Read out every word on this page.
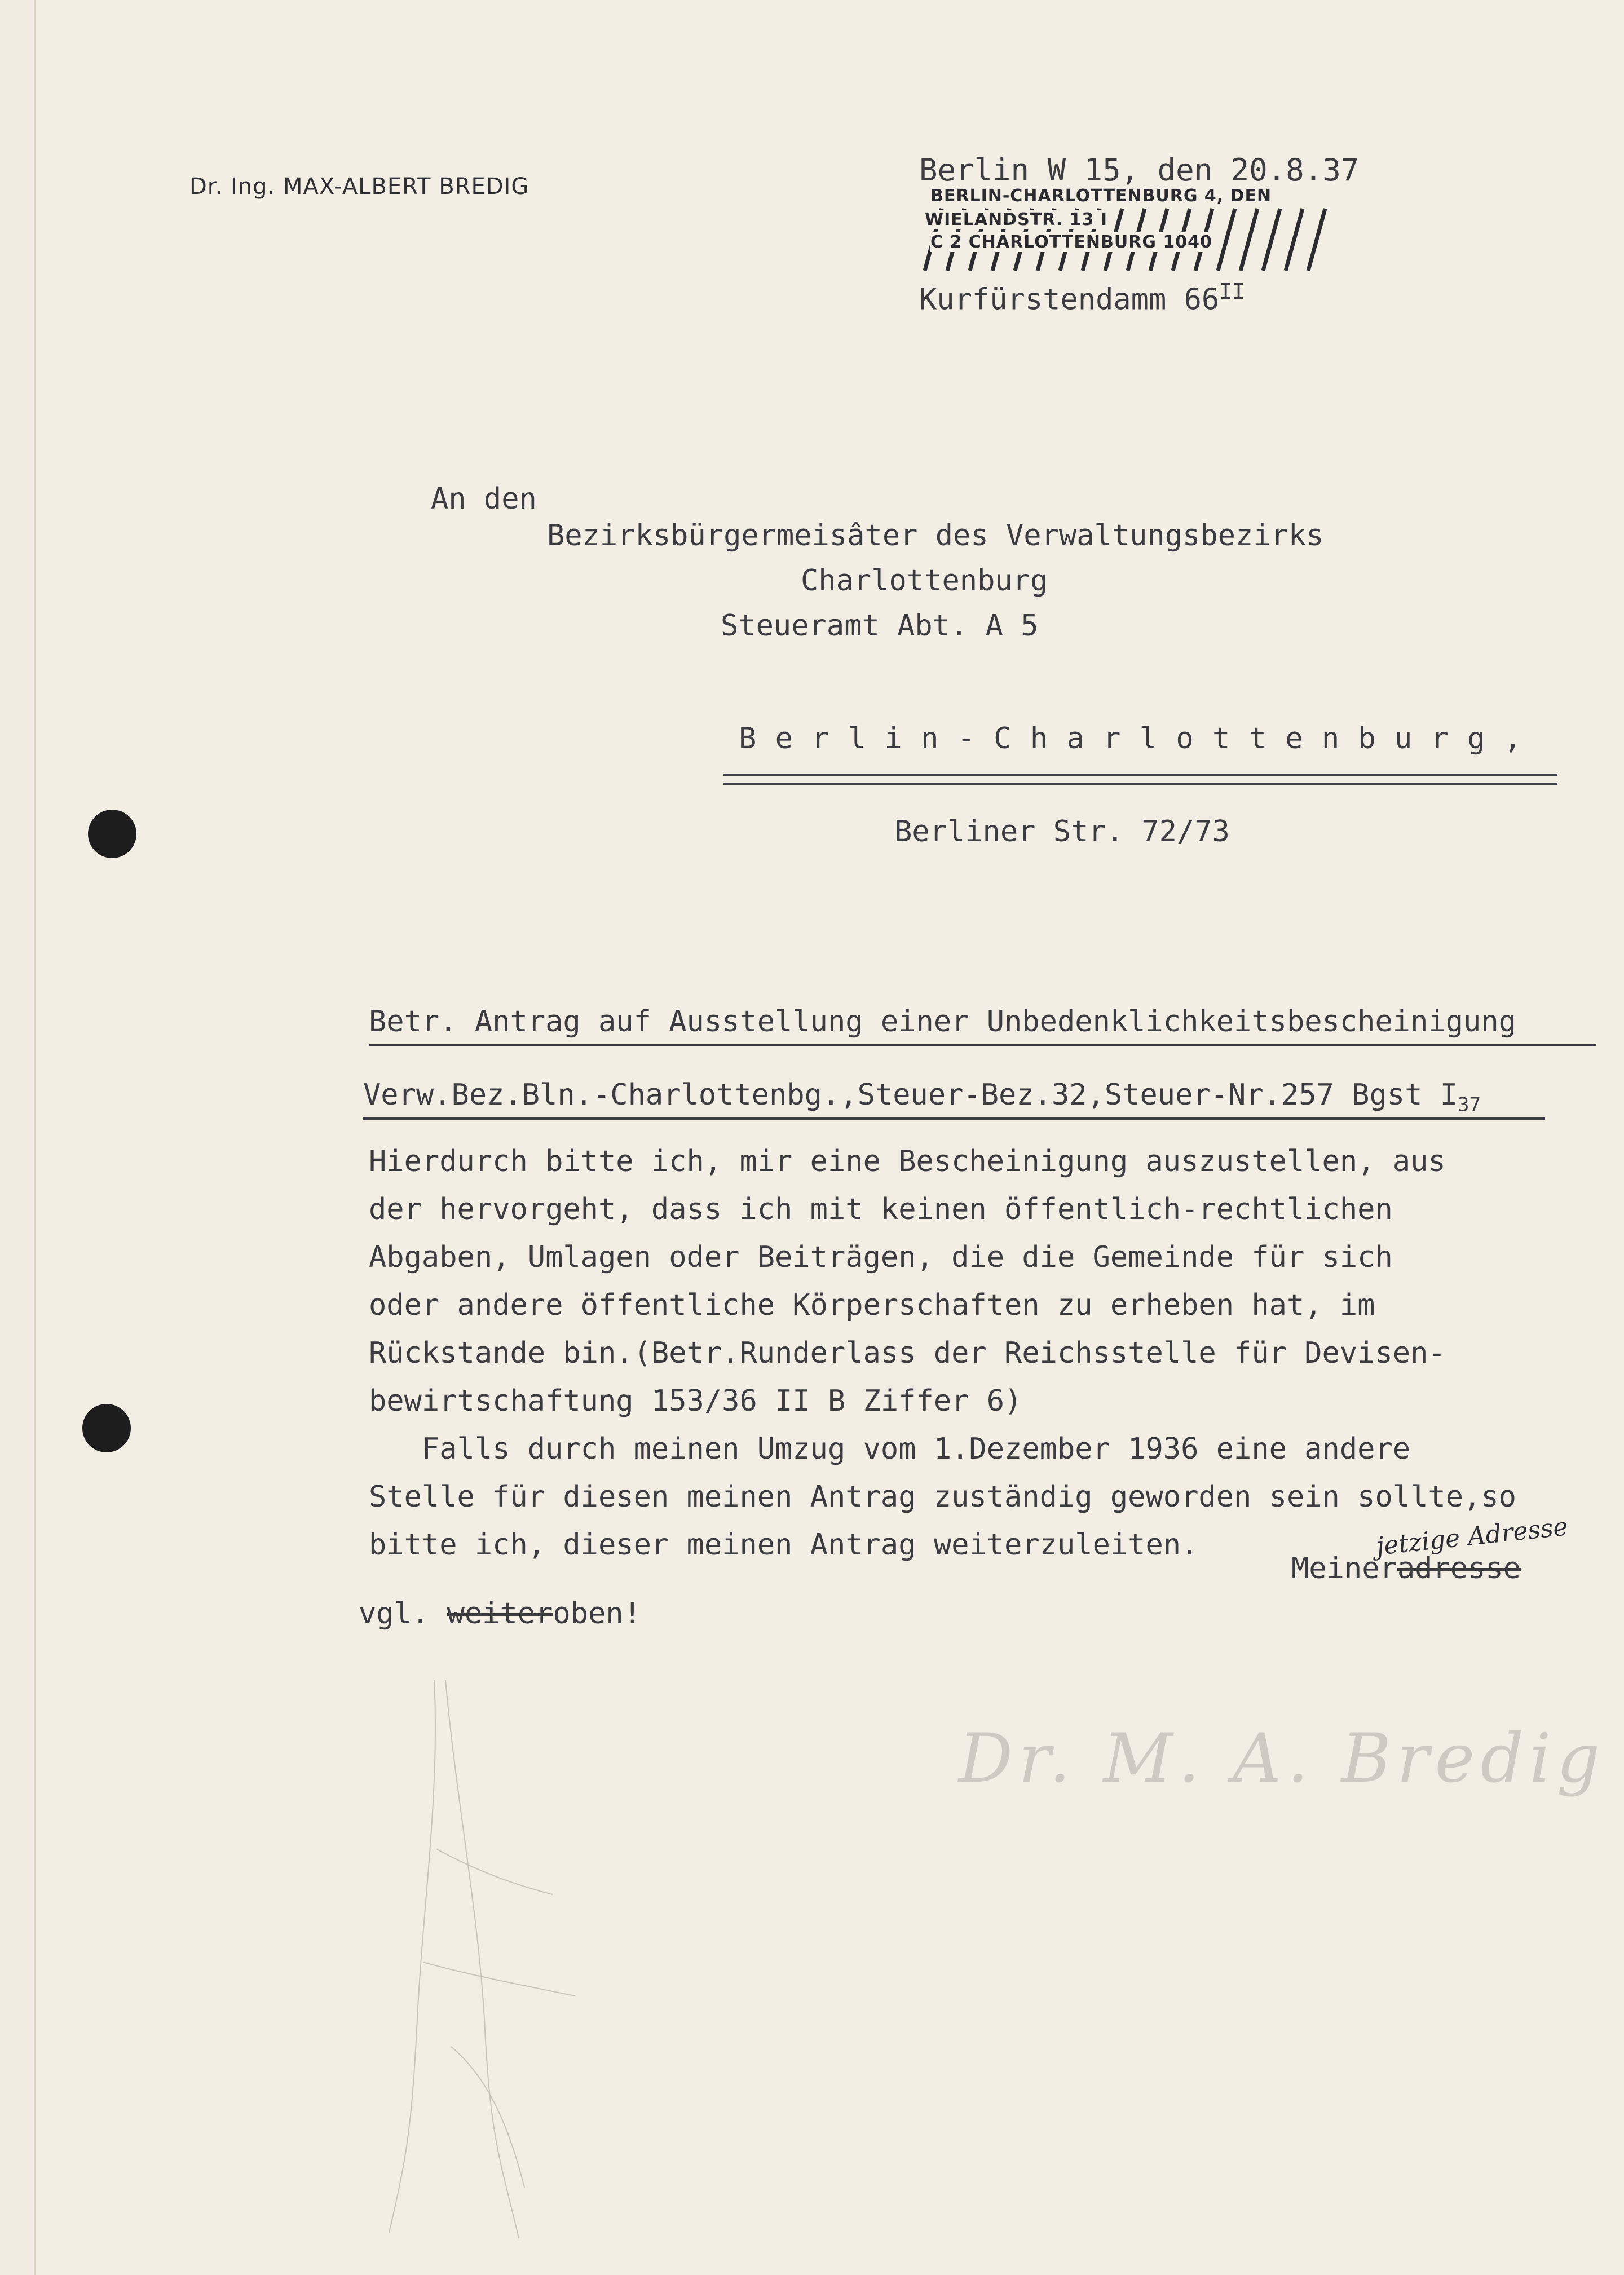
Dr. Ing. MAX-ALBERT BREDIG	Berlin W 15, den 20.8.37
BERLIN-CHARLOTTENBURG 4, DEN
WIELANDSTR. 13 I
C 2 CHARLOTTENBURG 1040
Kurfürstendamm $66^{II}$
An den
Bezirksbürgermeisâter des Verwaltungsbezirks
Charlottenburg
Steueramt Abt. A 5
B e r l i n - C h a r l o t t e n b u r g ,
Berliner Str. 72/73
Betr. Antrag auf Ausstellung einer Unbedenklichkeitsbescheinigung
Verw.Bez.Bln.-Charlottenbg.,Steuer-Bez.32,Steuer-Nr.257 Bgst $I_{37}$
Hierdurch bitte ich, mir eine Bescheinigung auszustellen, aus
der hervorgeht, dass ich mit keinen öffentlich-rechtlichen
Abgaben, Umlagen oder Beiträgen, die die Gemeinde für sich
oder andere öffentliche Körperschaften zu erheben hat, im
Rückstande bin.(Betr.Runderlass der Reichsstelle für Devisen-
bewirtschaftung 153/36 II B Ziffer 6)
Falls durch meinen Umzug vom 1.Dezember 1936 eine andere
Stelle für diesen meinen Antrag zuständig geworden sein sollte,so
bitte ich, dieser meinen Antrag weiterzuleiten.	jetzige Adresse
Meineradresse
vgl. weiteroben!
Dr. M. A. Bredig
